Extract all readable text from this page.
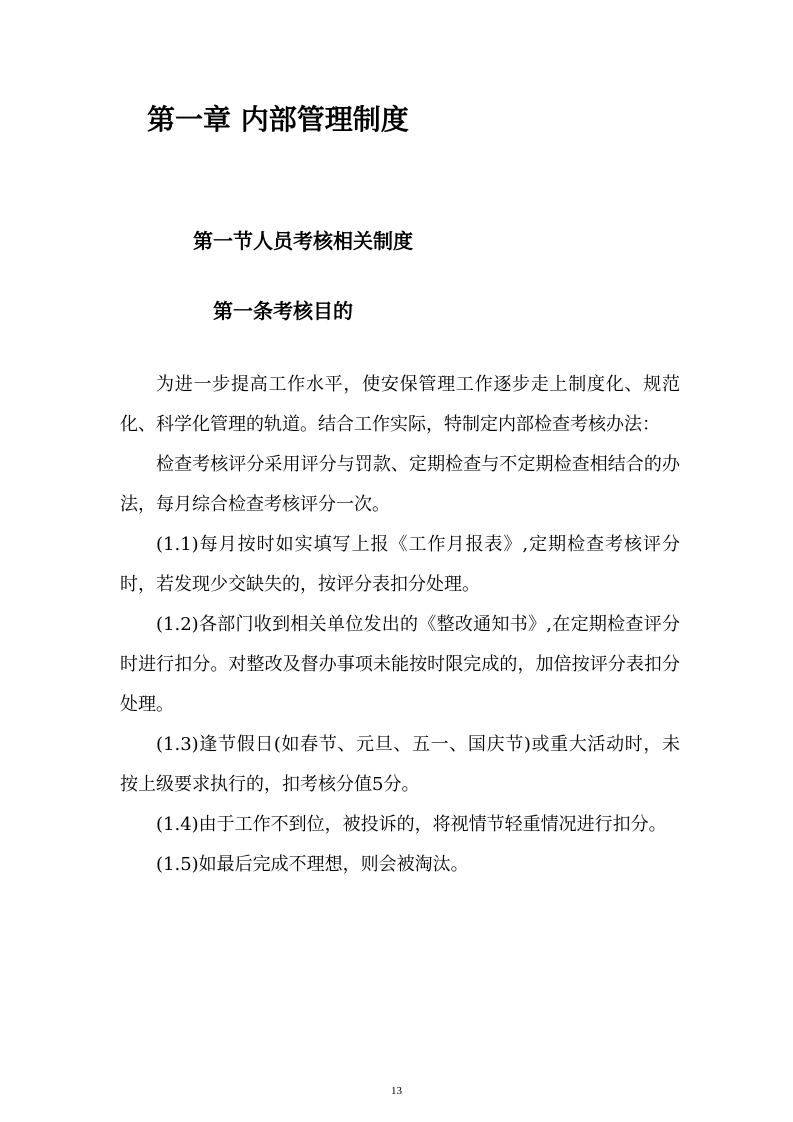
第一章 内部管理制度
第一节人员考核相关制度
第一条考核目的

为进一步提高工作水平，使安保管理工作逐步走上制度化、规范化、科学化管理的轨道。结合工作实际，特制定内部检查考核办法：

检查考核评分采用评分与罚款、定期检查与不定期检查相结合的办法，每月综合检查考核评分一次。

(1.1)每月按时如实填写上报《工作月报表》,定期检查考核评分时，若发现少交缺失的，按评分表扣分处理。

(1.2)各部门收到相关单位发出的《整改通知书》,在定期检查评分时进行扣分。对整改及督办事项未能按时限完成的，加倍按评分表扣分处理。

(1.3)逢节假日(如春节、元旦、五一、国庆节)或重大活动时，未按上级要求执行的，扣考核分值5分。

(1.4)由于工作不到位，被投诉的，将视情节轻重情况进行扣分。

(1.5)如最后完成不理想，则会被淘汰。

13
